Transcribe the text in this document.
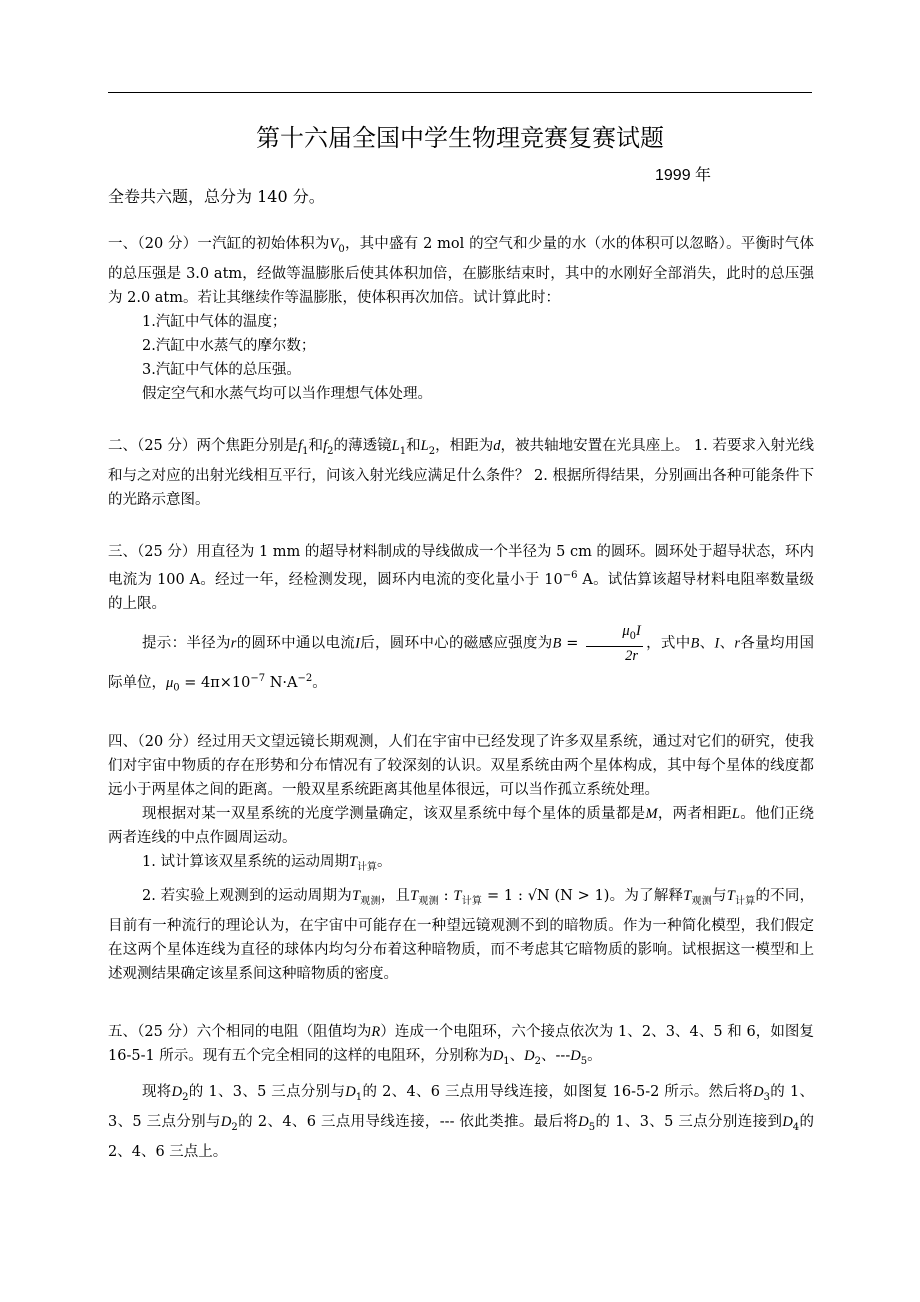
第十六届全国中学生物理竞赛复赛试题
1999 年
全卷共六题，总分为 140 分。
一、（20 分）一汽缸的初始体积为$V_0$，其中盛有 2 mol 的空气和少量的水（水的体积可以忽略）。平衡时气体的总压强是 3.0 atm，经做等温膨胀后使其体积加倍，在膨胀结束时，其中的水刚好全部消失，此时的总压强为 2.0 atm。若让其继续作等温膨胀，使体积再次加倍。试计算此时：
1.汽缸中气体的温度；
2.汽缸中水蒸气的摩尔数；
3.汽缸中气体的总压强。
假定空气和水蒸气均可以当作理想气体处理。
二、（25 分）两个焦距分别是$f_1$和$f_2$的薄透镜$L_1$和$L_2$，相距为d，被共轴地安置在光具座上。 1. 若要求入射光线和与之对应的出射光线相互平行，问该入射光线应满足什么条件？ 2. 根据所得结果，分别画出各种可能条件下的光路示意图。
三、（25 分）用直径为 1 mm 的超导材料制成的导线做成一个半径为 5 cm 的圆环。圆环处于超导状态，环内电流为 100 A。经过一年，经检测发现，圆环内电流的变化量小于 $10^{-6}$ A。试估算该超导材料电阻率数量级的上限。
提示：半径为r的圆环中通以电流I后，圆环中心的磁感应强度为$B = \frac{\mu_0I}{2r}$ ，式中B、I、r各量均用国际单位，$\mu_0 = 4\pi\times 10^{-7}$ $N\cdot A^{-2}$。
四、（20 分）经过用天文望远镜长期观测，人们在宇宙中已经发现了许多双星系统，通过对它们的研究，使我们对宇宙中物质的存在形势和分布情况有了较深刻的认识。双星系统由两个星体构成，其中每个星体的线度都远小于两星体之间的距离。一般双星系统距离其他星体很远，可以当作孤立系统处理。
现根据对某一双星系统的光度学测量确定，该双星系统中每个星体的质量都是M，两者相距L。他们正绕两者连线的中点作圆周运动。
1. 试计算该双星系统的运动周期$T_{计算}$。
2. 若实验上观测到的运动周期为$T_{观测}$，且$T_{观测}$ : $T_{计算} = 1$ : √N (N > 1)。为了解释$T_{观测}$与$T_{计算}$的不同，目前有一种流行的理论认为，在宇宙中可能存在一种望远镜观测不到的暗物质。作为一种简化模型，我们假定在这两个星体连线为直径的球体内均匀分布着这种暗物质，而不考虑其它暗物质的影响。试根据这一模型和上述观测结果确定该星系间这种暗物质的密度。
五、（25 分）六个相同的电阻（阻值均为R）连成一个电阻环，六个接点依次为 1、2、3、4、5 和 6，如图复 16-5-1 所示。现有五个完全相同的这样的电阻环，分别称为$D_1$、$D_2$、$---D_5$。
现将$D_2$的 1、3、5 三点分别与$D_1$的 2、4、6 三点用导线连接，如图复 16-5-2 所示。然后将$D_3$的 1、3、5 三点分别与$D_2$的 2、4、6 三点用导线连接，--- 依此类推。最后将$D_5$的 1、3、5 三点分别连接到$D_4$的 2、4、6 三点上。
